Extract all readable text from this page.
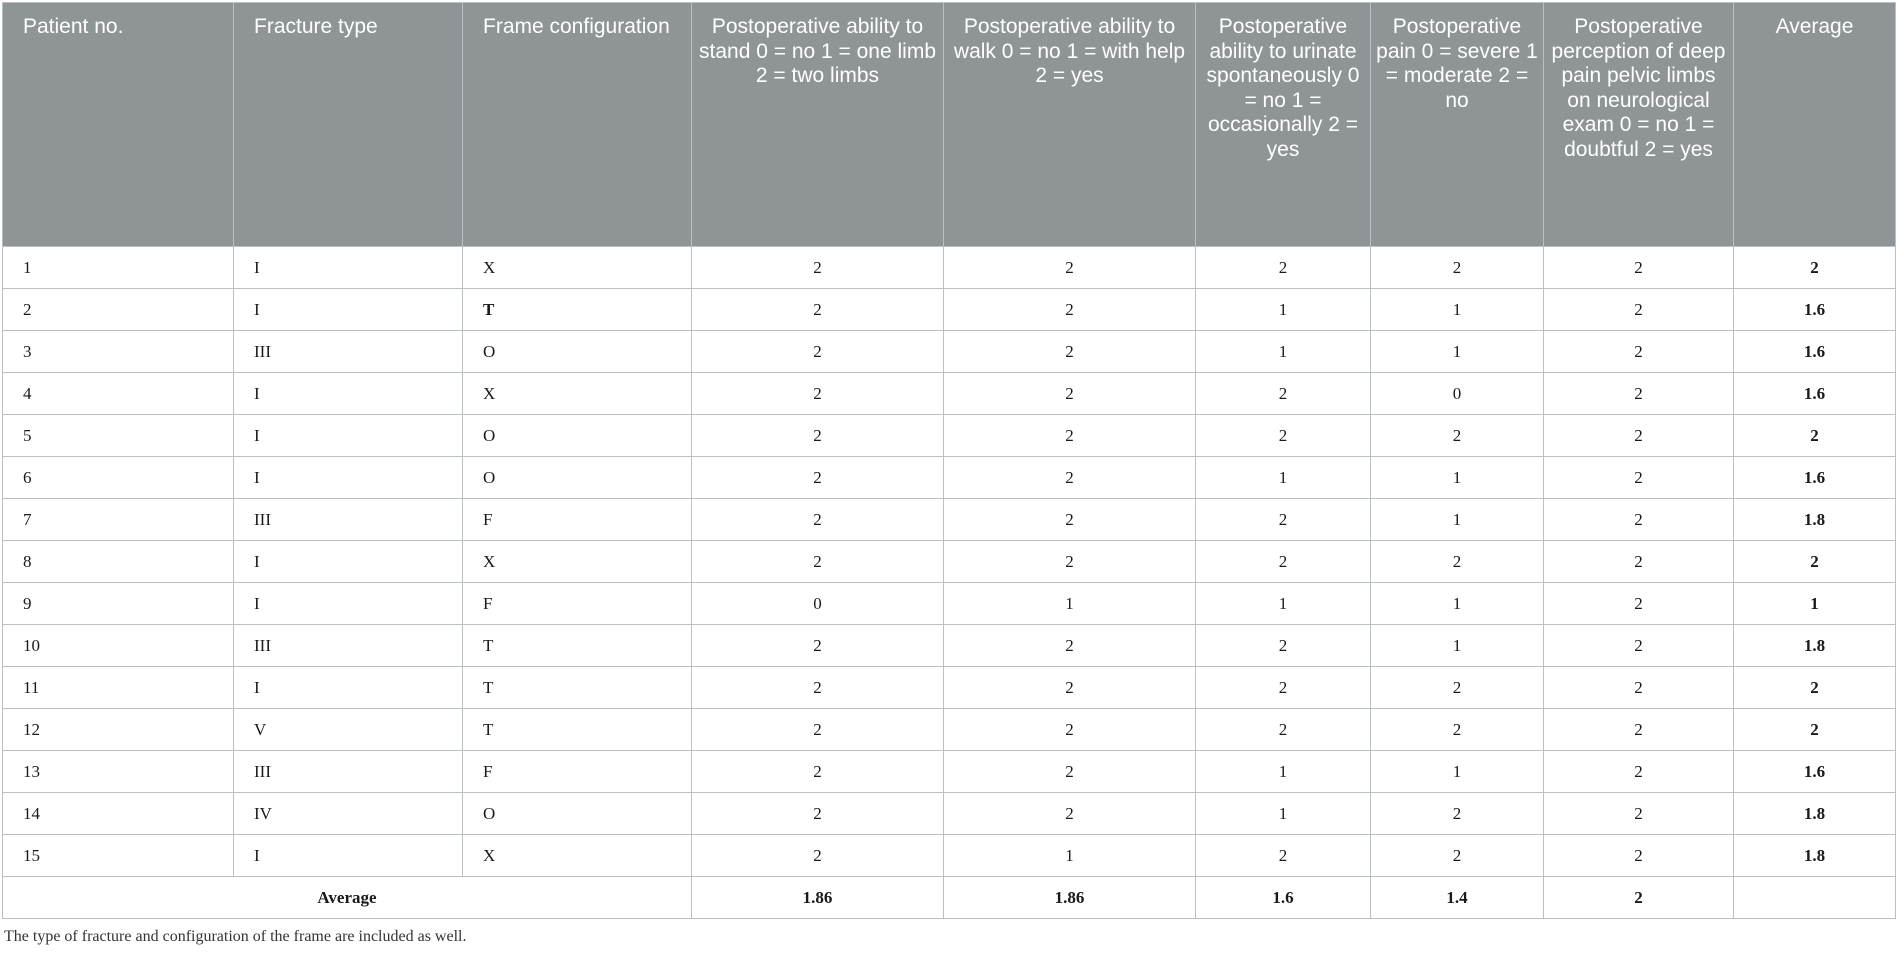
Patient no.	Fracture type	Frame configuration	Postoperative ability to stand 0 = no 1 = one limb 2 = two limbs	Postoperative ability to walk 0 = no 1 = with help 2 = yes	Postoperative ability to urinate spontaneously 0 = no 1 = occasionally 2 = yes	Postoperative pain 0 = severe 1 = moderate 2 = no	Postoperative perception of deep pain pelvic limbs on neurological exam 0 = no 1 = doubtful 2 = yes	Average
1	I	X	2	2	2	2	2	2
2	I	T	2	2	1	1	2	1.6
3	III	O	2	2	1	1	2	1.6
4	I	X	2	2	2	0	2	1.6
5	I	O	2	2	2	2	2	2
6	I	O	2	2	1	1	2	1.6
7	III	F	2	2	2	1	2	1.8
8	I	X	2	2	2	2	2	2
9	I	F	0	1	1	1	2	1
10	III	T	2	2	2	1	2	1.8
11	I	T	2	2	2	2	2	2
12	V	T	2	2	2	2	2	2
13	III	F	2	2	1	1	2	1.6
14	IV	O	2	2	1	2	2	1.8
15	I	X	2	1	2	2	2	1.8
Average			1.86	1.86	1.6	1.4	2	
The type of fracture and configuration of the frame are included as well.
